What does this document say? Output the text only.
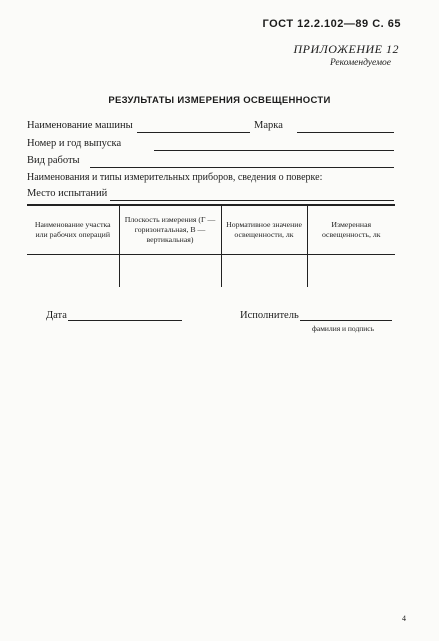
ГОСТ 12.2.102—89 С. 65
ПРИЛОЖЕНИЕ 12
Рекомендуемое
РЕЗУЛЬТАТЫ ИЗМЕРЕНИЯ ОСВЕЩЕННОСТИ
Наименование машины	Марка
Номер и год выпуска
Вид работы
Наименования и типы измерительных приборов, сведения о поверке:
Место испытаний
Наименование участка или рабочих операций	Плоскость измерения (Г — горизонтальная, В — вертикальная)	Нормативное значение освещенности, лк	Измеренная освещенность, лк

Дата	Исполнитель
фамилия и подпись
4
